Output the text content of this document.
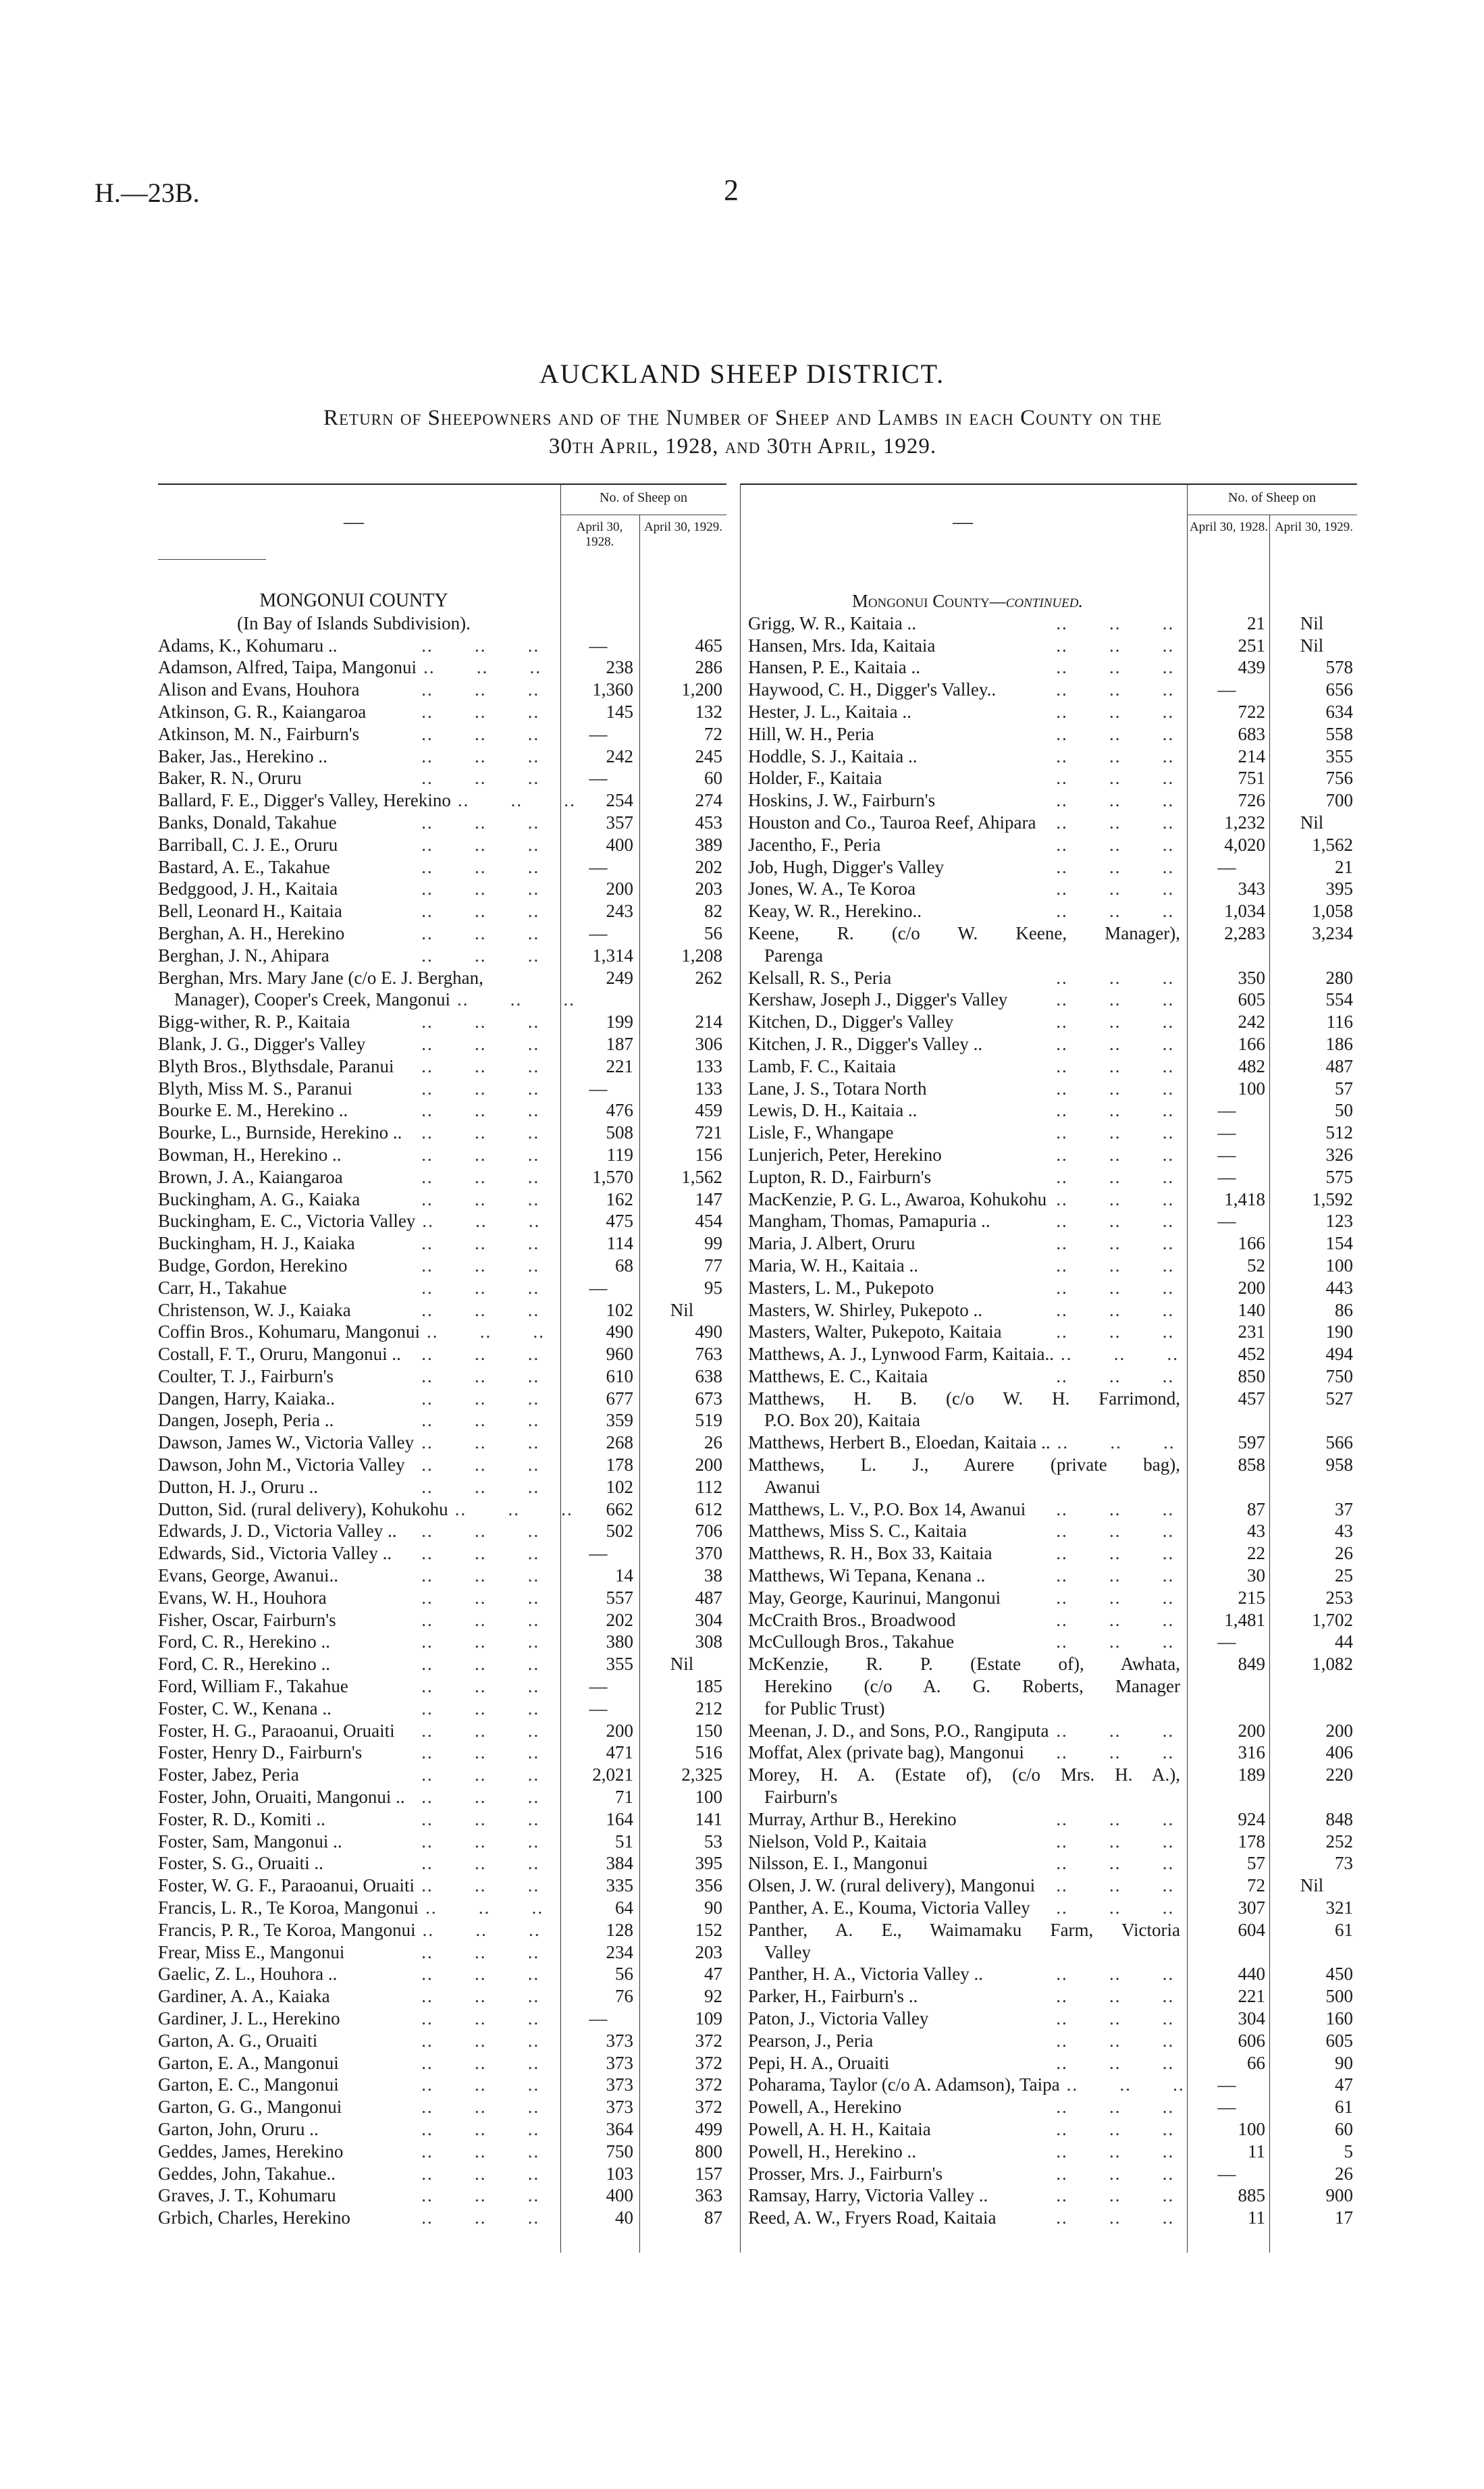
H.—23B.	2
AUCKLAND SHEEP DISTRICT.
Return of Sheepowners and of the Number of Sheep and Lambs in each County on the
30th April, 1928, and 30th April, 1929.
—
No. of Sheep on
April 30, 1928.
April 30, 1929.
MONGONUI COUNTY
(In Bay of Islands Subdivision).
Adams, K., Kohumaru ..	..       ..       ..	—	465
Adamson, Alfred, Taipa, Mangonui ..       ..       ..	238	286
Alison and Evans, Houhora	..       ..       ..	1,360	1,200
Atkinson, G. R., Kaiangaroa	..       ..       ..	145	132
Atkinson, M. N., Fairburn's	..       ..       ..	—	72
Baker, Jas., Herekino ..	..       ..       ..	242	245
Baker, R. N., Oruru	..       ..       ..	—	60
Ballard, F. E., Digger's Valley, Herekino ..       ..       ..	254	274
Banks, Donald, Takahue	..       ..       ..	357	453
Barriball, C. J. E., Oruru	..       ..       ..	400	389
Bastard, A. E., Takahue	..       ..       ..	—	202
Bedggood, J. H., Kaitaia	..       ..       ..	200	203
Bell, Leonard H., Kaitaia	..       ..       ..	243	82
Berghan, A. H., Herekino	..       ..       ..	—	56
Berghan, J. N., Ahipara	..       ..       ..	1,314	1,208
Berghan, Mrs. Mary Jane (c/o E. J. Berghan,
Manager), Cooper's Creek, Mangonui ..       ..       ..
249	262
Bigg-wither, R. P., Kaitaia	..       ..       ..	199	214
Blank, J. G., Digger's Valley	..       ..       ..	187	306
Blyth Bros., Blythsdale, Paranui	..       ..       ..	221	133
Blyth, Miss M. S., Paranui	..       ..       ..	—	133
Bourke E. M., Herekino ..	..       ..       ..	476	459
Bourke, L., Burnside, Herekino ..	..       ..       ..	508	721
Bowman, H., Herekino ..	..       ..       ..	119	156
Brown, J. A., Kaiangaroa	..       ..       ..	1,570	1,562
Buckingham, A. G., Kaiaka	..       ..       ..	162	147
Buckingham, E. C., Victoria Valley ..       ..       ..	475	454
Buckingham, H. J., Kaiaka	..       ..       ..	114	99
Budge, Gordon, Herekino	..       ..       ..	68	77
Carr, H., Takahue	..       ..       ..	—	95
Christenson, W. J., Kaiaka	..       ..       ..	102	Nil
Coffin Bros., Kohumaru, Mangonui ..       ..       ..	490	490
Costall, F. T., Oruru, Mangonui ..	..       ..       ..	960	763
Coulter, T. J., Fairburn's	..       ..       ..	610	638
Dangen, Harry, Kaiaka..	..       ..       ..	677	673
Dangen, Joseph, Peria ..	..       ..       ..	359	519
Dawson, James W., Victoria Valley ..       ..       ..	268	26
Dawson, John M., Victoria Valley ..       ..       ..	178	200
Dutton, H. J., Oruru ..	..       ..       ..	102	112
Dutton, Sid. (rural delivery), Kohukohu ..       ..       ..	662	612
Edwards, J. D., Victoria Valley ..	..       ..       ..	502	706
Edwards, Sid., Victoria Valley ..	..       ..       ..	—	370
Evans, George, Awanui..	..       ..       ..	14	38
Evans, W. H., Houhora	..       ..       ..	557	487
Fisher, Oscar, Fairburn's	..       ..       ..	202	304
Ford, C. R., Herekino ..	..       ..       ..	380	308
Ford, C. R., Herekino ..	..       ..       ..	355	Nil
Ford, William F., Takahue	..       ..       ..	—	185
Foster, C. W., Kenana ..	..       ..       ..	—	212
Foster, H. G., Paraoanui, Oruaiti	..       ..       ..	200	150
Foster, Henry D., Fairburn's	..       ..       ..	471	516
Foster, Jabez, Peria	..       ..       ..	2,021	2,325
Foster, John, Oruaiti, Mangonui .. ..       ..       ..	71	100
Foster, R. D., Komiti ..	..       ..       ..	164	141
Foster, Sam, Mangonui ..	..       ..       ..	51	53
Foster, S. G., Oruaiti ..	..       ..       ..	384	395
Foster, W. G. F., Paraoanui, Oruaiti ..       ..       ..	335	356
Francis, L. R., Te Koroa, Mangonui ..       ..       ..	64	90
Francis, P. R., Te Koroa, Mangonui ..       ..       ..	128	152
Frear, Miss E., Mangonui	..       ..       ..	234	203
Gaelic, Z. L., Houhora ..	..       ..       ..	56	47
Gardiner, A. A., Kaiaka	..       ..       ..	76	92
Gardiner, J. L., Herekino	..       ..       ..	—	109
Garton, A. G., Oruaiti	..       ..       ..	373	372
Garton, E. A., Mangonui	..       ..       ..	373	372
Garton, E. C., Mangonui	..       ..       ..	373	372
Garton, G. G., Mangonui	..       ..       ..	373	372
Garton, John, Oruru ..	..       ..       ..	364	499
Geddes, James, Herekino	..       ..       ..	750	800
Geddes, John, Takahue..	..       ..       ..	103	157
Graves, J. T., Kohumaru	..       ..       ..	400	363
Grbich, Charles, Herekino	..       ..       ..	40	87
—
No. of Sheep on
April 30, 1928. April 30, 1929.
Mongonui County—continued.
Grigg, W. R., Kaitaia ..	..       ..       ..	21	Nil
Hansen, Mrs. Ida, Kaitaia	..       ..       ..	251	Nil
Hansen, P. E., Kaitaia ..	..       ..       ..	439	578
Haywood, C. H., Digger's Valley..	..       ..       ..	—	656
Hester, J. L., Kaitaia ..	..       ..       ..	722	634
Hill, W. H., Peria	..       ..       ..	683	558
Hoddle, S. J., Kaitaia ..	..       ..       ..	214	355
Holder, F., Kaitaia	..       ..       ..	751	756
Hoskins, J. W., Fairburn's	..       ..       ..	726	700
Houston and Co., Tauroa Reef, Ahipara	..       ..       ..	1,232	Nil
Jacentho, F., Peria	..       ..       ..	4,020	1,562
Job, Hugh, Digger's Valley	..       ..       ..	—	21
Jones, W. A., Te Koroa	..       ..       ..	343	395
Keay, W. R., Herekino..	..       ..       ..	1,034	1,058
Keene, R. (c/o W. Keene, Manager),
Parenga
2,283	3,234
Kelsall, R. S., Peria	..       ..       ..	350	280
Kershaw, Joseph J., Digger's Valley	..       ..       ..	605	554
Kitchen, D., Digger's Valley	..       ..       ..	242	116
Kitchen, J. R., Digger's Valley ..	..       ..       ..	166	186
Lamb, F. C., Kaitaia	..       ..       ..	482	487
Lane, J. S., Totara North	..       ..       ..	100	57
Lewis, D. H., Kaitaia ..	..       ..       ..	—	50
Lisle, F., Whangape	..       ..       ..	—	512
Lunjerich, Peter, Herekino	..       ..       ..	—	326
Lupton, R. D., Fairburn's	..       ..       ..	—	575
MacKenzie, P. G. L., Awaroa, Kohukohu ..       ..       ..	1,418	1,592
Mangham, Thomas, Pamapuria ..	..       ..       ..	—	123
Maria, J. Albert, Oruru	..       ..       ..	166	154
Maria, W. H., Kaitaia ..	..       ..       ..	52	100
Masters, L. M., Pukepoto	..       ..       ..	200	443
Masters, W. Shirley, Pukepoto ..	..       ..       ..	140	86
Masters, Walter, Pukepoto, Kaitaia	..       ..       ..	231	190
Matthews, A. J., Lynwood Farm, Kaitaia.. ..       ..       ..	452	494
Matthews, E. C., Kaitaia	..       ..       ..	850	750
Matthews, H. B. (c/o W. H. Farrimond,
P.O. Box 20), Kaitaia
457	527
Matthews, Herbert B., Eloedan, Kaitaia .. ..       ..       ..	597	566
Matthews, L. J., Aurere (private bag),
Awanui
858	958
Matthews, L. V., P.O. Box 14, Awanui	..       ..       ..	87	37
Matthews, Miss S. C., Kaitaia	..       ..       ..	43	43
Matthews, R. H., Box 33, Kaitaia	..       ..       ..	22	26
Matthews, Wi Tepana, Kenana ..	..       ..       ..	30	25
May, George, Kaurinui, Mangonui	..       ..       ..	215	253
McCraith Bros., Broadwood	..       ..       ..	1,481	1,702
McCullough Bros., Takahue	..       ..       ..	—	44
McKenzie, R. P. (Estate of), Awhata,
Herekino (c/o A. G. Roberts, Manager
for Public Trust)
849	1,082
Meenan, J. D., and Sons, P.O., Rangiputa ..       ..       ..	200	200
Moffat, Alex (private bag), Mangonui	..       ..       ..	316	406
Morey, H. A. (Estate of), (c/o Mrs. H. A.),
Fairburn's
189	220
Murray, Arthur B., Herekino	..       ..       ..	924	848
Nielson, Vold P., Kaitaia	..       ..       ..	178	252
Nilsson, E. I., Mangonui	..       ..       ..	57	73
Olsen, J. W. (rural delivery), Mangonui	..       ..       ..	72	Nil
Panther, A. E., Kouma, Victoria Valley	..       ..       ..	307	321
Panther, A. E., Waimamaku Farm, Victoria
Valley
604	61
Panther, H. A., Victoria Valley ..	..       ..       ..	440	450
Parker, H., Fairburn's ..	..       ..       ..	221	500
Paton, J., Victoria Valley	..       ..       ..	304	160
Pearson, J., Peria	..       ..       ..	606	605
Pepi, H. A., Oruaiti	..       ..       ..	66	90
Poharama, Taylor (c/o A. Adamson), Taipa ..       ..       ..	—	47
Powell, A., Herekino	..       ..       ..	—	61
Powell, A. H. H., Kaitaia	..       ..       ..	100	60
Powell, H., Herekino ..	..       ..       ..	11	5
Prosser, Mrs. J., Fairburn's	..       ..       ..	—	26
Ramsay, Harry, Victoria Valley ..	..       ..       ..	885	900
Reed, A. W., Fryers Road, Kaitaia	..       ..       ..	11	17
